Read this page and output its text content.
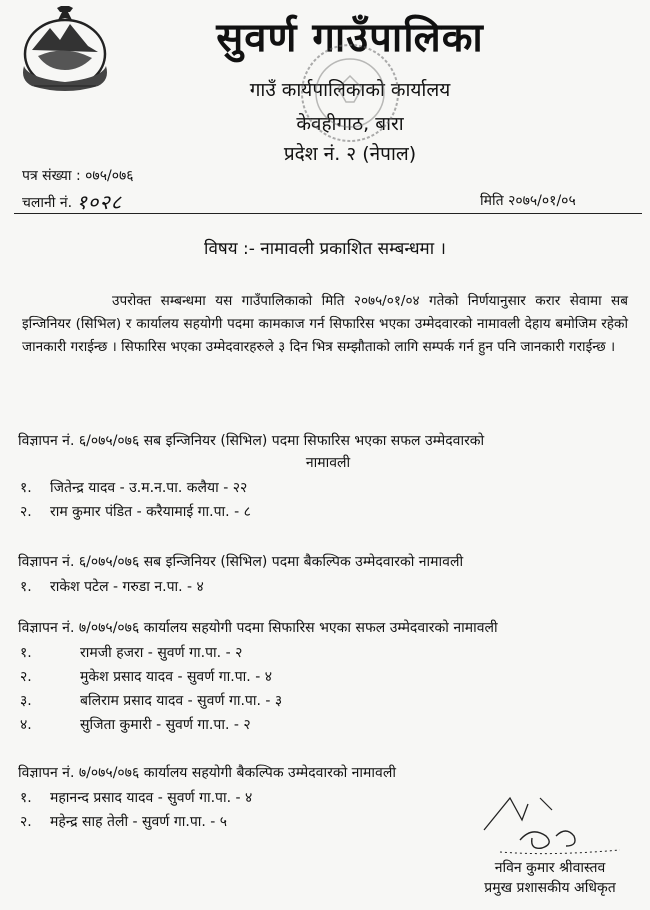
सुवर्ण गाउँपालिका
गाउँ कार्यपालिकाको कार्यालय
केवहीगाठ, बारा
प्रदेश नं. २ (नेपाल)
पत्र संख्या : ०७५/०७६
चलानी नं. १०२८	मिति २०७५/०१/०५
विषय :- नामावली प्रकाशित सम्बन्धमा ।
उपरोक्त सम्बन्धमा यस गाउँपालिकाको मिति २०७५/०१/०४ गतेको निर्णयानुसार करार सेवामा सब इन्जिनियर (सिभिल) र कार्यालय सहयोगी पदमा कामकाज गर्न सिफारिस भएका उम्मेदवारको नामावली देहाय बमोजिम रहेको जानकारी गराईन्छ । सिफारिस भएका उम्मेदवारहरुले ३ दिन भित्र सम्झौताको लागि सम्पर्क गर्न हुन पनि जानकारी गराईन्छ ।
विज्ञापन नं. ६/०७५/०७६ सब इन्जिनियर (सिभिल) पदमा सिफारिस भएका सफल उम्मेदवारको
नामावली
१. जितेन्द्र यादव - उ.म.न.पा. कलैया - २२
२. राम कुमार पंडित - करैयामाई गा.पा. - ८
विज्ञापन नं. ६/०७५/०७६ सब इन्जिनियर (सिभिल) पदमा बैकल्पिक उम्मेदवारको नामावली
१. राकेश पटेल - गरुडा न.पा. - ४
विज्ञापन नं. ७/०७५/०७६ कार्यालय सहयोगी पदमा सिफारिस भएका सफल उम्मेदवारको नामावली
१.	रामजी हजरा - सुवर्ण गा.पा. - २
२.	मुकेश प्रसाद यादव - सुवर्ण गा.पा. - ४
३.	बलिराम प्रसाद यादव - सुवर्ण गा.पा. - ३
४.	सुजिता कुमारी - सुवर्ण गा.पा. - २
विज्ञापन नं. ७/०७५/०७६ कार्यालय सहयोगी बैकल्पिक उम्मेदवारको नामावली
१. महानन्द प्रसाद यादव - सुवर्ण गा.पा. - ४
२. महेन्द्र साह तेली - सुवर्ण गा.पा. - ५
नविन कुमार श्रीवास्तव
प्रमुख प्रशासकीय अधिकृत
